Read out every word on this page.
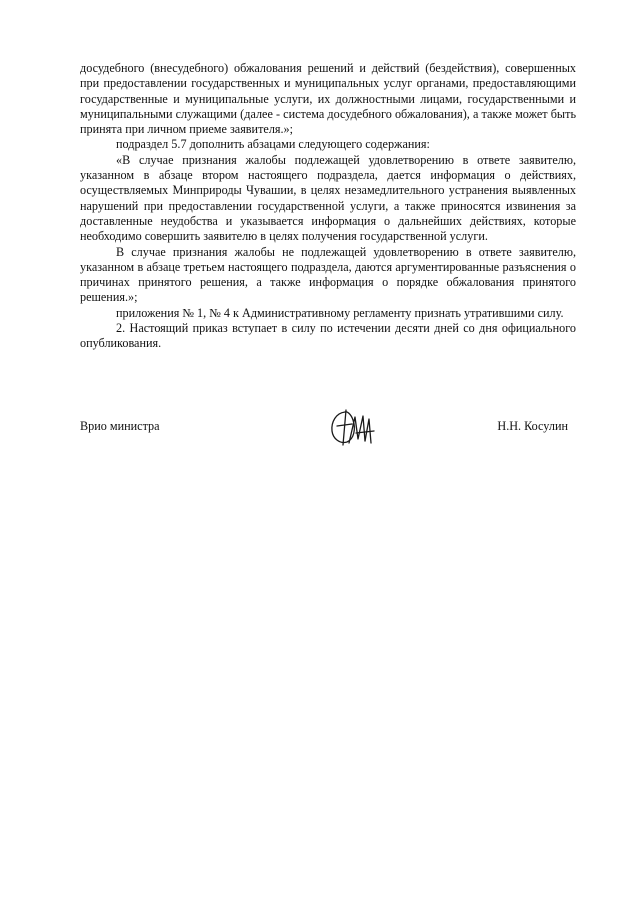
досудебного (внесудебного) обжалования решений и действий (бездействия), совершенных при предоставлении государственных и муниципальных услуг органами, предоставляющими государственные и муниципальные услуги, их должностными лицами, государственными и муниципальными служащими (далее - система досудебного обжалования), а также может быть принята при личном приеме заявителя.»;

подраздел 5.7 дополнить абзацами следующего содержания:

«В случае признания жалобы подлежащей удовлетворению в ответе заявителю, указанном в абзаце втором настоящего подраздела, дается информация о действиях, осуществляемых Минприроды Чувашии, в целях незамедлительного устранения выявленных нарушений при предоставлении государственной услуги, а также приносятся извинения за доставленные неудобства и указывается информация о дальнейших действиях, которые необходимо совершить заявителю в целях получения государственной услуги.

В случае признания жалобы не подлежащей удовлетворению в ответе заявителю, указанном в абзаце третьем настоящего подраздела, даются аргументированные разъяснения о причинах принятого решения, а также информация о порядке обжалования принятого решения.»;

приложения № 1, № 4 к Административному регламенту признать утратившими силу.

2. Настоящий приказ вступает в силу по истечении десяти дней со дня официального опубликования.

Врио министра	Н.Н. Косулин
